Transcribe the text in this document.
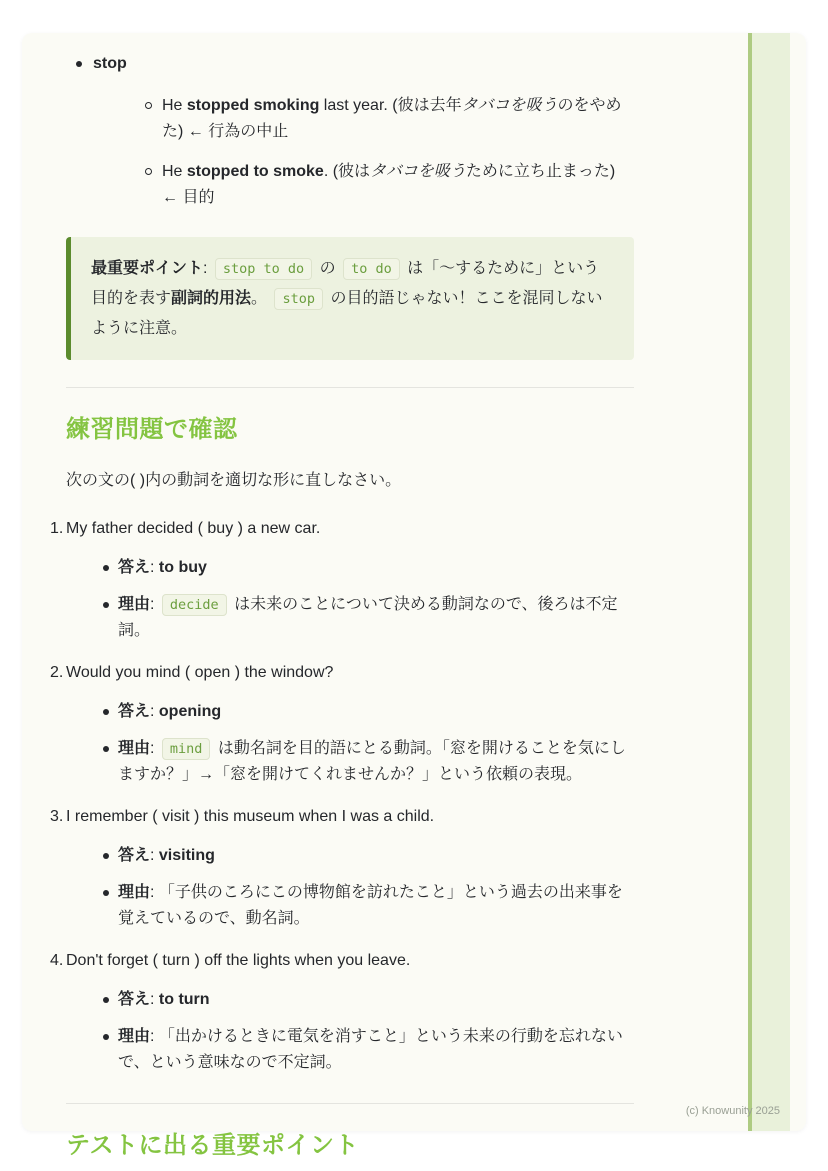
stop
He stopped smoking last year. (彼は去年タバコを吸うのをやめた) ← 行為の中止
He stopped to smoke. (彼はタバコを吸うために立ち止まった) ← 目的

最重要ポイント: stop to do の to do は「〜するために」という目的を表す副詞的用法。 stop の目的語じゃない！ここを混同しないように注意。

練習問題で確認

次の文の( )内の動詞を適切な形に直しなさい。

1. My father decided ( buy ) a new car.
答え: to buy
理由: decide は未来のことについて決める動詞なので、後ろは不定詞。
2. Would you mind ( open ) the window?
答え: opening
理由: mind は動名詞を目的語にとる動詞。「窓を開けることを気にしますか？」→「窓を開けてくれませんか？」という依頼の表現。
3. I remember ( visit ) this museum when I was a child.
答え: visiting
理由: 「子供のころにこの博物館を訪れたこと」という過去の出来事を覚えているので、動名詞。
4. Don't forget ( turn ) off the lights when you leave.
答え: to turn
理由: 「出かけるときに電気を消すこと」という未来の行動を忘れないで、という意味なので不定詞。
テストに出る重要ポイント
(c) Knowunity 2025
